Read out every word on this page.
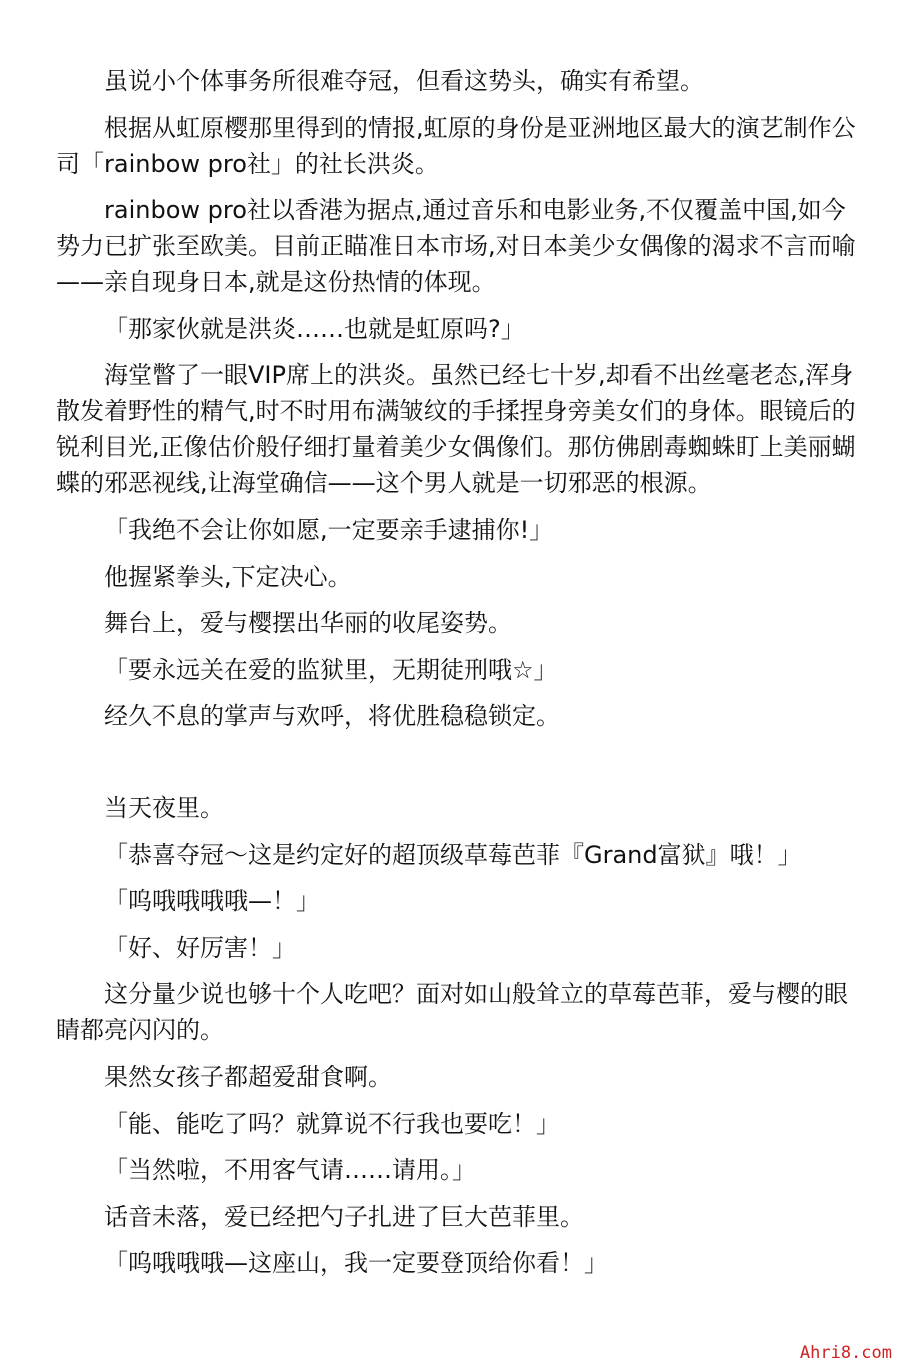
虽说小个体事务所很难夺冠，但看这势头，确实有希望。

根据从虹原樱那里得到的情报,虹原的身份是亚洲地区最大的演艺制作公司「rainbow pro社」的社长洪炎。

rainbow pro社以香港为据点,通过音乐和电影业务,不仅覆盖中国,如今势力已扩张至欧美。目前正瞄准日本市场,对日本美少女偶像的渴求不言而喻——亲自现身日本,就是这份热情的体现。

「那家伙就是洪炎……也就是虹原吗?」

海堂瞥了一眼VIP席上的洪炎。虽然已经七十岁,却看不出丝毫老态,浑身散发着野性的精气,时不时用布满皱纹的手揉捏身旁美女们的身体。眼镜后的锐利目光,正像估价般仔细打量着美少女偶像们。那仿佛剧毒蜘蛛盯上美丽蝴蝶的邪恶视线,让海堂确信——这个男人就是一切邪恶的根源。

「我绝不会让你如愿,一定要亲手逮捕你!」

他握紧拳头,下定决心。

舞台上，爱与樱摆出华丽的收尾姿势。

「要永远关在爱的监狱里，无期徒刑哦☆」

经久不息的掌声与欢呼，将优胜稳稳锁定。

当天夜里。

「恭喜夺冠～这是约定好的超顶级草莓芭菲『Grand富狱』哦！」

「呜哦哦哦哦—！」

「好、好厉害！」

这分量少说也够十个人吃吧？面对如山般耸立的草莓芭菲，爱与樱的眼睛都亮闪闪的。

果然女孩子都超爱甜食啊。

「能、能吃了吗？就算说不行我也要吃！」

「当然啦，不用客气请……请用。」

话音未落，爱已经把勺子扎进了巨大芭菲里。

「呜哦哦哦—这座山，我一定要登顶给你看！」

Ahri8.com
